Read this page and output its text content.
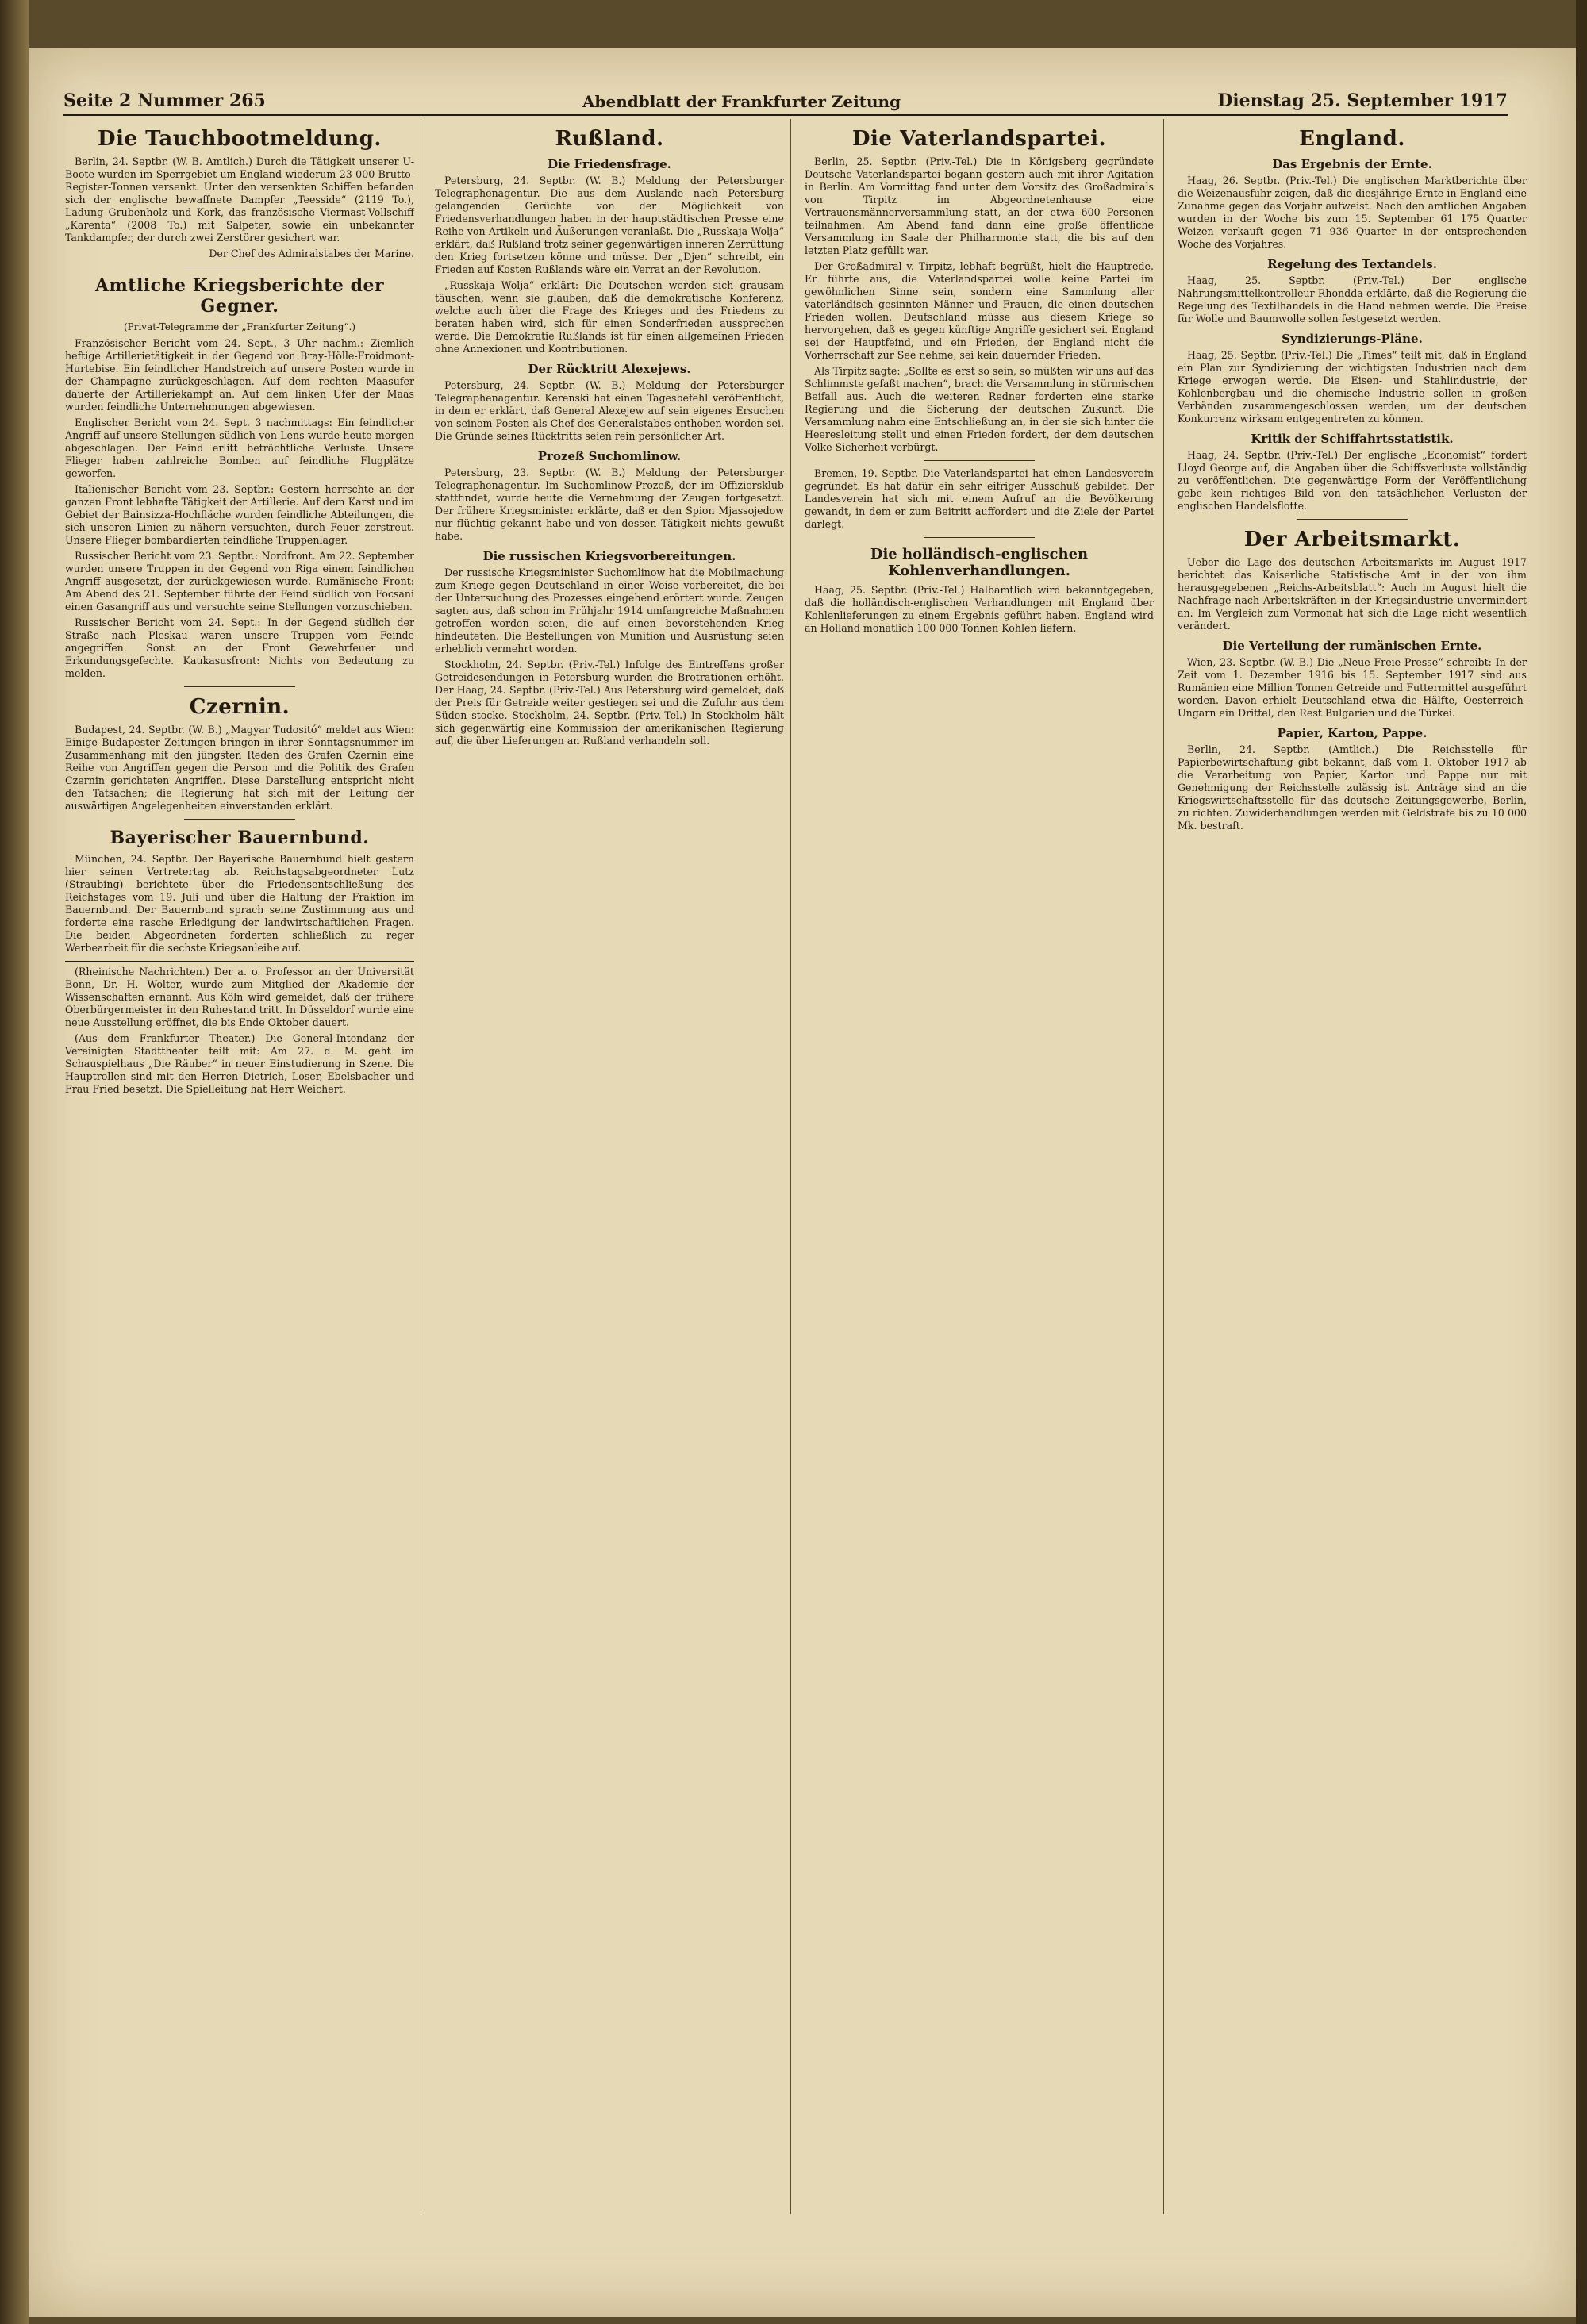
Seite 2 Nummer 265	Abendblatt der Frankfurter Zeitung	Dienstag 25. September 1917
Die Tauchbootmeldung.

Berlin, 24. Septbr. (W. B. Amtlich.) Durch die Tätigkeit unserer U-Boote wurden im Sperrgebiet um England wiederum 23 000 Brutto-Register-Tonnen versenkt. Unter den versenkten Schiffen befanden sich der englische bewaffnete Dampfer „Teesside“ (2119 To.), Ladung Grubenholz und Kork, das französische Viermast-Vollschiff „Karenta“ (2008 To.) mit Salpeter, sowie ein unbekannter Tankdampfer, der durch zwei Zerstörer gesichert war.

Der Chef des Admiralstabes der Marine.

Amtliche Kriegsberichte der Gegner.
(Privat-Telegramme der „Frankfurter Zeitung“.)

Französischer Bericht vom 24. Sept., 3 Uhr nachm.: Ziemlich heftige Artillerietätigkeit in der Gegend von Bray-Hölle-Froidmont-Hurtebise. Ein feindlicher Handstreich auf unsere Posten wurde in der Champagne zurückgeschlagen. Auf dem rechten Maasufer dauerte der Artilleriekampf an. Auf dem linken Ufer der Maas wurden feindliche Unternehmungen abgewiesen.

Englischer Bericht vom 24. Sept. 3 nachmittags: Ein feindlicher Angriff auf unsere Stellungen südlich von Lens wurde heute morgen abgeschlagen. Der Feind erlitt beträchtliche Verluste. Unsere Flieger haben zahlreiche Bomben auf feindliche Flugplätze geworfen.

Italienischer Bericht vom 23. Septbr.: Gestern herrschte an der ganzen Front lebhafte Tätigkeit der Artillerie. Auf dem Karst und im Gebiet der Bainsizza-Hochfläche wurden feindliche Abteilungen, die sich unseren Linien zu nähern versuchten, durch Feuer zerstreut. Unsere Flieger bombardierten feindliche Truppenlager.

Russischer Bericht vom 23. Septbr.: Nordfront. Am 22. September wurden unsere Truppen in der Gegend von Riga einem feindlichen Angriff ausgesetzt, der zurückgewiesen wurde. Rumänische Front: Am Abend des 21. September führte der Feind südlich von Focsani einen Gasangriff aus und versuchte seine Stellungen vorzuschieben.

Russischer Bericht vom 24. Sept.: In der Gegend südlich der Straße nach Pleskau waren unsere Truppen vom Feinde angegriffen. Sonst an der Front Gewehrfeuer und Erkundungsgefechte. Kaukasusfront: Nichts von Bedeutung zu melden.

Czernin.

Budapest, 24. Septbr. (W. B.) „Magyar Tudositó“ meldet aus Wien: Einige Budapester Zeitungen bringen in ihrer Sonntagsnummer im Zusammenhang mit den jüngsten Reden des Grafen Czernin eine Reihe von Angriffen gegen die Person und die Politik des Grafen Czernin gerichteten Angriffen. Diese Darstellung entspricht nicht den Tatsachen; die Regierung hat sich mit der Leitung der auswärtigen Angelegenheiten einverstanden erklärt.

Bayerischer Bauernbund.

München, 24. Septbr. Der Bayerische Bauernbund hielt gestern hier seinen Vertretertag ab. Reichstagsabgeordneter Lutz (Straubing) berichtete über die Friedensentschließung des Reichstages vom 19. Juli und über die Haltung der Fraktion im Bauernbund. Der Bauernbund sprach seine Zustimmung aus und forderte eine rasche Erledigung der landwirtschaftlichen Fragen. Die beiden Abgeordneten forderten schließlich zu reger Werbearbeit für die sechste Kriegsanleihe auf.

(Rheinische Nachrichten.) Der a. o. Professor an der Universität Bonn, Dr. H. Wolter, wurde zum Mitglied der Akademie der Wissenschaften ernannt. Aus Köln wird gemeldet, daß der frühere Oberbürgermeister in den Ruhestand tritt. In Düsseldorf wurde eine neue Ausstellung eröffnet, die bis Ende Oktober dauert.

(Aus dem Frankfurter Theater.) Die General-Intendanz der Vereinigten Stadttheater teilt mit: Am 27. d. M. geht im Schauspielhaus „Die Räuber“ in neuer Einstudierung in Szene. Die Hauptrollen sind mit den Herren Dietrich, Loser, Ebelsbacher und Frau Fried besetzt. Die Spielleitung hat Herr Weichert.

Rußland.
Die Friedensfrage.

Petersburg, 24. Septbr. (W. B.) Meldung der Petersburger Telegraphenagentur. Die aus dem Auslande nach Petersburg gelangenden Gerüchte von der Möglichkeit von Friedensverhandlungen haben in der hauptstädtischen Presse eine Reihe von Artikeln und Äußerungen veranlaßt. Die „Russkaja Wolja“ erklärt, daß Rußland trotz seiner gegenwärtigen inneren Zerrüttung den Krieg fortsetzen könne und müsse. Der „Djen“ schreibt, ein Frieden auf Kosten Rußlands wäre ein Verrat an der Revolution.

„Russkaja Wolja“ erklärt: Die Deutschen werden sich grausam täuschen, wenn sie glauben, daß die demokratische Konferenz, welche auch über die Frage des Krieges und des Friedens zu beraten haben wird, sich für einen Sonderfrieden aussprechen werde. Die Demokratie Rußlands ist für einen allgemeinen Frieden ohne Annexionen und Kontributionen.

Der Rücktritt Alexejews.

Petersburg, 24. Septbr. (W. B.) Meldung der Petersburger Telegraphenagentur. Kerenski hat einen Tagesbefehl veröffentlicht, in dem er erklärt, daß General Alexejew auf sein eigenes Ersuchen von seinem Posten als Chef des Generalstabes enthoben worden sei. Die Gründe seines Rücktritts seien rein persönlicher Art.

Prozeß Suchomlinow.

Petersburg, 23. Septbr. (W. B.) Meldung der Petersburger Telegraphenagentur. Im Suchomlinow-Prozeß, der im Offiziersklub stattfindet, wurde heute die Vernehmung der Zeugen fortgesetzt. Der frühere Kriegsminister erklärte, daß er den Spion Mjassojedow nur flüchtig gekannt habe und von dessen Tätigkeit nichts gewußt habe.

Die russischen Kriegsvorbereitungen.

Der russische Kriegsminister Suchomlinow hat die Mobilmachung zum Kriege gegen Deutschland in einer Weise vorbereitet, die bei der Untersuchung des Prozesses eingehend erörtert wurde. Zeugen sagten aus, daß schon im Frühjahr 1914 umfangreiche Maßnahmen getroffen worden seien, die auf einen bevorstehenden Krieg hindeuteten. Die Bestellungen von Munition und Ausrüstung seien erheblich vermehrt worden.

Stockholm, 24. Septbr. (Priv.-Tel.) Infolge des Eintreffens großer Getreidesendungen in Petersburg wurden die Brotrationen erhöht. Der Haag, 24. Septbr. (Priv.-Tel.) Aus Petersburg wird gemeldet, daß der Preis für Getreide weiter gestiegen sei und die Zufuhr aus dem Süden stocke. Stockholm, 24. Septbr. (Priv.-Tel.) In Stockholm hält sich gegenwärtig eine Kommission der amerikanischen Regierung auf, die über Lieferungen an Rußland verhandeln soll.

Die Vaterlandspartei.

Berlin, 25. Septbr. (Priv.-Tel.) Die in Königsberg gegründete Deutsche Vaterlandspartei begann gestern auch mit ihrer Agitation in Berlin. Am Vormittag fand unter dem Vorsitz des Großadmirals von Tirpitz im Abgeordnetenhause eine Vertrauensmännerversammlung statt, an der etwa 600 Personen teilnahmen. Am Abend fand dann eine große öffentliche Versammlung im Saale der Philharmonie statt, die bis auf den letzten Platz gefüllt war.

Der Großadmiral v. Tirpitz, lebhaft begrüßt, hielt die Hauptrede. Er führte aus, die Vaterlandspartei wolle keine Partei im gewöhnlichen Sinne sein, sondern eine Sammlung aller vaterländisch gesinnten Männer und Frauen, die einen deutschen Frieden wollen. Deutschland müsse aus diesem Kriege so hervorgehen, daß es gegen künftige Angriffe gesichert sei. England sei der Hauptfeind, und ein Frieden, der England nicht die Vorherrschaft zur See nehme, sei kein dauernder Frieden.

Als Tirpitz sagte: „Sollte es erst so sein, so müßten wir uns auf das Schlimmste gefaßt machen“, brach die Versammlung in stürmischen Beifall aus. Auch die weiteren Redner forderten eine starke Regierung und die Sicherung der deutschen Zukunft. Die Versammlung nahm eine Entschließung an, in der sie sich hinter die Heeresleitung stellt und einen Frieden fordert, der dem deutschen Volke Sicherheit verbürgt.

Bremen, 19. Septbr. Die Vaterlandspartei hat einen Landesverein gegründet. Es hat dafür ein sehr eifriger Ausschuß gebildet. Der Landesverein hat sich mit einem Aufruf an die Bevölkerung gewandt, in dem er zum Beitritt auffordert und die Ziele der Partei darlegt.

Die holländisch-englischen Kohlenverhandlungen.

Haag, 25. Septbr. (Priv.-Tel.) Halbamtlich wird bekanntgegeben, daß die holländisch-englischen Verhandlungen mit England über Kohlenlieferungen zu einem Ergebnis geführt haben. England wird an Holland monatlich 100 000 Tonnen Kohlen liefern.

England.
Das Ergebnis der Ernte.

Haag, 26. Septbr. (Priv.-Tel.) Die englischen Marktberichte über die Weizenausfuhr zeigen, daß die diesjährige Ernte in England eine Zunahme gegen das Vorjahr aufweist. Nach den amtlichen Angaben wurden in der Woche bis zum 15. September 61 175 Quarter Weizen verkauft gegen 71 936 Quarter in der entsprechenden Woche des Vorjahres.

Regelung des Textandels.

Haag, 25. Septbr. (Priv.-Tel.) Der englische Nahrungsmittelkontrolleur Rhondda erklärte, daß die Regierung die Regelung des Textilhandels in die Hand nehmen werde. Die Preise für Wolle und Baumwolle sollen festgesetzt werden.

Syndizierungs-Pläne.

Haag, 25. Septbr. (Priv.-Tel.) Die „Times“ teilt mit, daß in England ein Plan zur Syndizierung der wichtigsten Industrien nach dem Kriege erwogen werde. Die Eisen- und Stahlindustrie, der Kohlenbergbau und die chemische Industrie sollen in großen Verbänden zusammengeschlossen werden, um der deutschen Konkurrenz wirksam entgegentreten zu können.

Kritik der Schiffahrtsstatistik.

Haag, 24. Septbr. (Priv.-Tel.) Der englische „Economist“ fordert Lloyd George auf, die Angaben über die Schiffsverluste vollständig zu veröffentlichen. Die gegenwärtige Form der Veröffentlichung gebe kein richtiges Bild von den tatsächlichen Verlusten der englischen Handelsflotte.

Der Arbeitsmarkt.

Ueber die Lage des deutschen Arbeitsmarkts im August 1917 berichtet das Kaiserliche Statistische Amt in der von ihm herausgegebenen „Reichs-Arbeitsblatt“: Auch im August hielt die Nachfrage nach Arbeitskräften in der Kriegsindustrie unvermindert an. Im Vergleich zum Vormonat hat sich die Lage nicht wesentlich verändert.

Die Verteilung der rumänischen Ernte.

Wien, 23. Septbr. (W. B.) Die „Neue Freie Presse“ schreibt: In der Zeit vom 1. Dezember 1916 bis 15. September 1917 sind aus Rumänien eine Million Tonnen Getreide und Futtermittel ausgeführt worden. Davon erhielt Deutschland etwa die Hälfte, Oesterreich-Ungarn ein Drittel, den Rest Bulgarien und die Türkei.

Papier, Karton, Pappe.

Berlin, 24. Septbr. (Amtlich.) Die Reichsstelle für Papierbewirtschaftung gibt bekannt, daß vom 1. Oktober 1917 ab die Verarbeitung von Papier, Karton und Pappe nur mit Genehmigung der Reichsstelle zulässig ist. Anträge sind an die Kriegswirtschaftsstelle für das deutsche Zeitungsgewerbe, Berlin, zu richten. Zuwiderhandlungen werden mit Geldstrafe bis zu 10 000 Mk. bestraft.
